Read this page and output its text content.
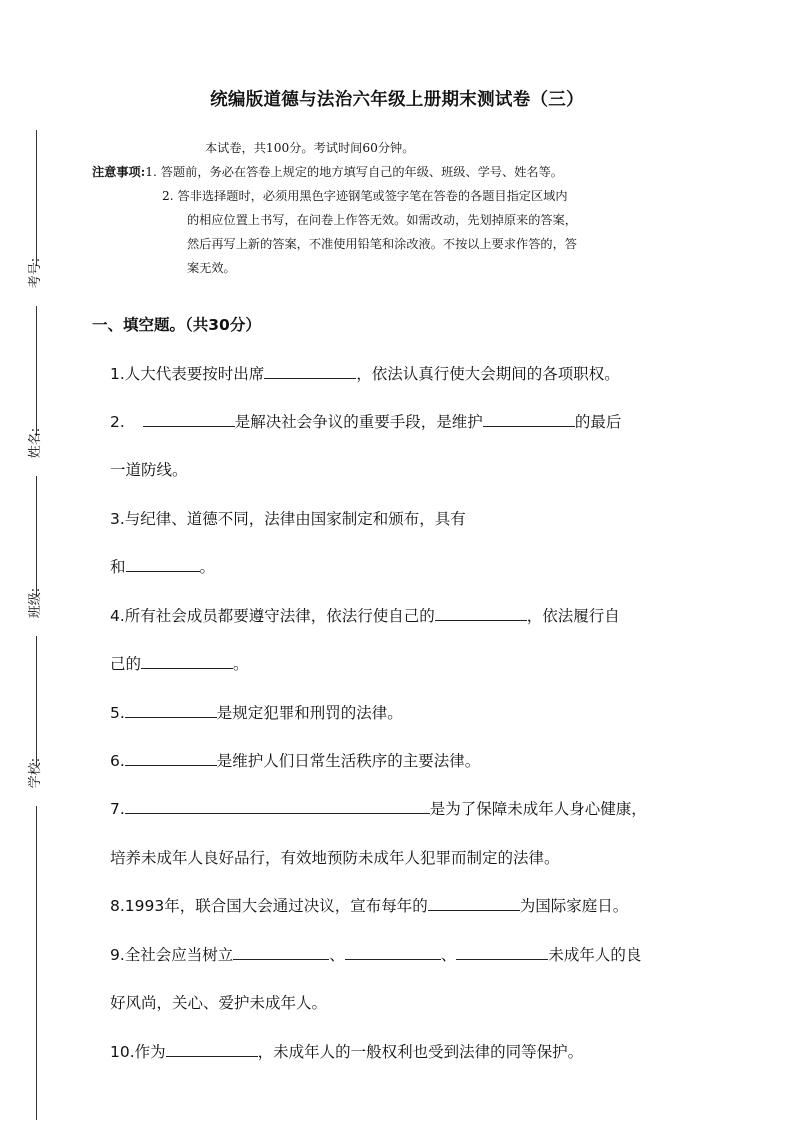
考号:
姓名:
班级:
学校:
统编版道德与法治六年级上册期末测试卷（三）
本试卷，共100分。考试时间60分钟。
注意事项:1. 答题前，务必在答卷上规定的地方填写自己的年级、班级、学号、姓名等。
2. 答非选择题时，必须用黑色字迹钢笔或签字笔在答卷的各题目指定区域内
的相应位置上书写，在问卷上作答无效。如需改动，先划掉原来的答案，
然后再写上新的答案，不准使用铅笔和涂改液。不按以上要求作答的，答
案无效。
一、填空题。（共30分）
1.人大代表要按时出席	，依法认真行使大会期间的各项职权。
2.	是解决社会争议的重要手段，是维护	的最后
一道防线。
3.与纪律、道德不同，法律由国家制定和颁布，具有
和	。
4.所有社会成员都要遵守法律，依法行使自己的	，依法履行自
己的	。
5.	是规定犯罪和刑罚的法律。
6.	是维护人们日常生活秩序的主要法律。
7.	是为了保障未成年人身心健康，
培养未成年人良好品行，有效地预防未成年人犯罪而制定的法律。
8.1993年，联合国大会通过决议，宣布每年的	为国际家庭日。
9.全社会应当树立	、	、	未成年人的良
好风尚，关心、爱护未成年人。
10.作为	，未成年人的一般权利也受到法律的同等保护。
